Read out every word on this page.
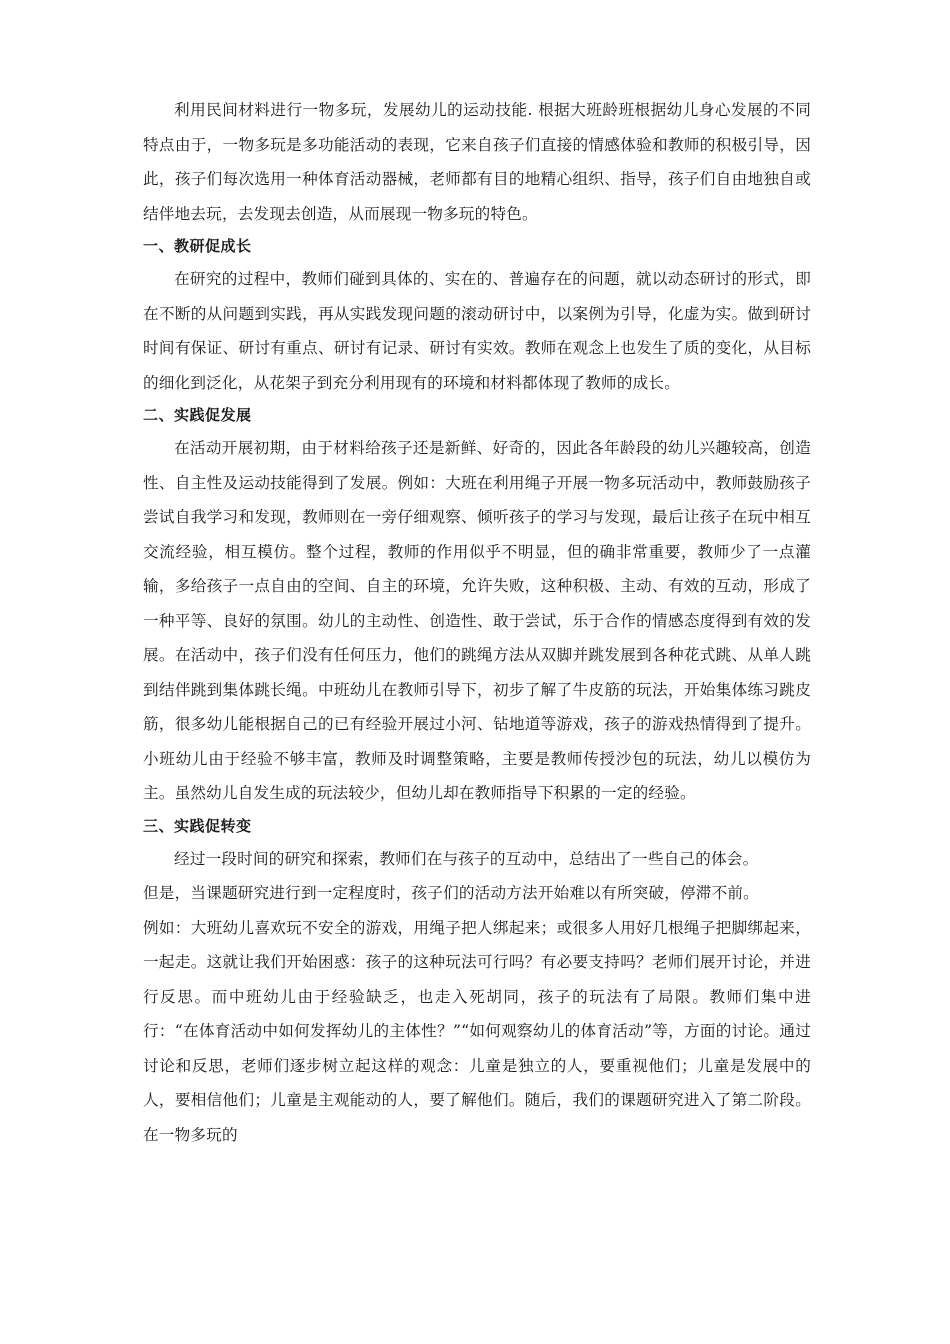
利用民间材料进行一物多玩，发展幼儿的运动技能. 根据大班龄班根据幼儿身心发展的不同特点由于，一物多玩是多功能活动的表现，它来自孩子们直接的情感体验和教师的积极引导，因此，孩子们每次选用一种体育活动器械，老师都有目的地精心组织、指导，孩子们自由地独自或结伴地去玩，去发现去创造，从而展现一物多玩的特色。

一、教研促成长

在研究的过程中，教师们碰到具体的、实在的、普遍存在的问题，就以动态研讨的形式，即在不断的从问题到实践，再从实践发现问题的滚动研讨中，以案例为引导，化虚为实。做到研讨时间有保证、研讨有重点、研讨有记录、研讨有实效。教师在观念上也发生了质的变化，从目标的细化到泛化，从花架子到充分利用现有的环境和材料都体现了教师的成长。

二、实践促发展

在活动开展初期，由于材料给孩子还是新鲜、好奇的，因此各年龄段的幼儿兴趣较高，创造性、自主性及运动技能得到了发展。例如：大班在利用绳子开展一物多玩活动中，教师鼓励孩子尝试自我学习和发现，教师则在一旁仔细观察、倾听孩子的学习与发现，最后让孩子在玩中相互交流经验，相互模仿。整个过程，教师的作用似乎不明显，但的确非常重要，教师少了一点灌输，多给孩子一点自由的空间、自主的环境，允许失败，这种积极、主动、有效的互动，形成了一种平等、良好的氛围。幼儿的主动性、创造性、敢于尝试，乐于合作的情感态度得到有效的发展。在活动中，孩子们没有任何压力，他们的跳绳方法从双脚并跳发展到各种花式跳、从单人跳到结伴跳到集体跳长绳。中班幼儿在教师引导下，初步了解了牛皮筋的玩法，开始集体练习跳皮筋，很多幼儿能根据自己的已有经验开展过小河、钻地道等游戏，孩子的游戏热情得到了提升。小班幼儿由于经验不够丰富，教师及时调整策略，主要是教师传授沙包的玩法，幼儿以模仿为主。虽然幼儿自发生成的玩法较少，但幼儿却在教师指导下积累的一定的经验。

三、实践促转变

经过一段时间的研究和探索，教师们在与孩子的互动中，总结出了一些自己的体会。

但是，当课题研究进行到一定程度时，孩子们的活动方法开始难以有所突破，停滞不前。

例如：大班幼儿喜欢玩不安全的游戏，用绳子把人绑起来；或很多人用好几根绳子把脚绑起来，一起走。这就让我们开始困惑：孩子的这种玩法可行吗？有必要支持吗？老师们展开讨论，并进行反思。而中班幼儿由于经验缺乏，也走入死胡同，孩子的玩法有了局限。教师们集中进行：“在体育活动中如何发挥幼儿的主体性？”“如何观察幼儿的体育活动”等，方面的讨论。通过讨论和反思，老师们逐步树立起这样的观念：儿童是独立的人，要重视他们；儿童是发展中的人，要相信他们；儿童是主观能动的人，要了解他们。随后，我们的课题研究进入了第二阶段。在一物多玩的
